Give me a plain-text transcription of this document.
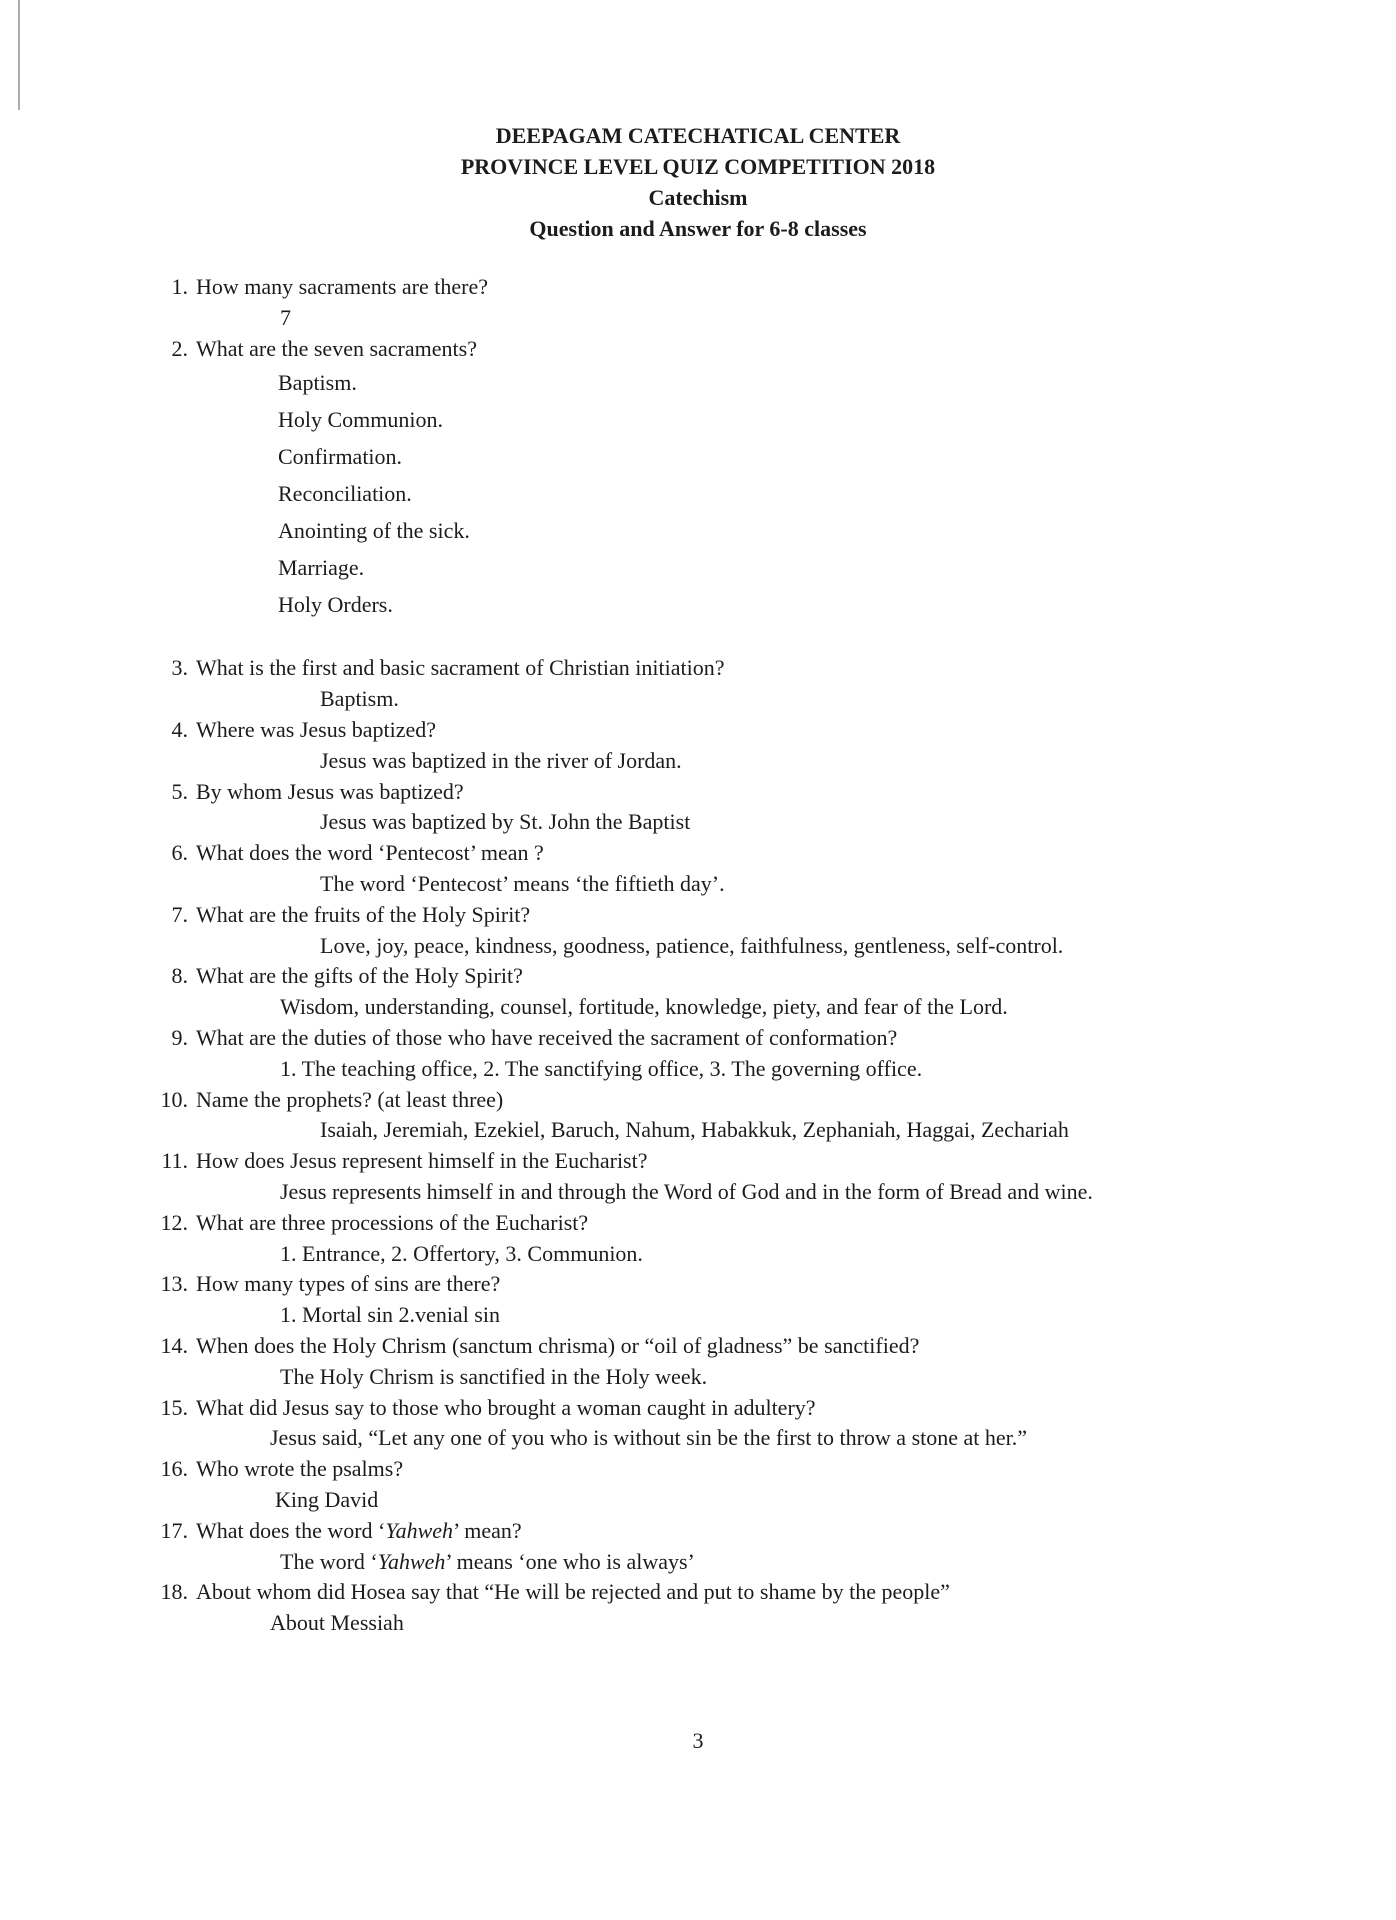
DEEPAGAM CATECHATICAL CENTER
PROVINCE LEVEL QUIZ COMPETITION 2018
Catechism
Question and Answer for 6-8 classes
1. How many sacraments are there?
7
2. What are the seven sacraments?
Baptism.
Holy Communion.
Confirmation.
Reconciliation.
Anointing of the sick.
Marriage.
Holy Orders.
3. What is the first and basic sacrament of Christian initiation?
Baptism.
4. Where was Jesus baptized?
Jesus was baptized in the river of Jordan.
5. By whom Jesus was baptized?
Jesus was baptized by St. John the Baptist
6. What does the word ‘Pentecost’ mean ?
The word ‘Pentecost’ means ‘the fiftieth day’.
7. What are the fruits of the Holy Spirit?
Love, joy, peace, kindness, goodness, patience, faithfulness, gentleness, self-control.
8. What are the gifts of the Holy Spirit?
Wisdom, understanding, counsel, fortitude, knowledge, piety, and fear of the Lord.
9. What are the duties of those who have received the sacrament of conformation?
1. The teaching office, 2. The sanctifying office, 3. The governing office.
10. Name the prophets? (at least three)
Isaiah, Jeremiah, Ezekiel, Baruch, Nahum, Habakkuk, Zephaniah, Haggai, Zechariah
11. How does Jesus represent himself in the Eucharist?
Jesus represents himself in and through the Word of God and in the form of Bread and wine.
12. What are three processions of the Eucharist?
1. Entrance, 2. Offertory, 3. Communion.
13. How many types of sins are there?
1. Mortal sin 2.venial sin
14. When does the Holy Chrism (sanctum chrisma) or “oil of gladness” be sanctified?
The Holy Chrism is sanctified in the Holy week.
15. What did Jesus say to those who brought a woman caught in adultery?
Jesus said, “Let any one of you who is without sin be the first to throw a stone at her.”
16. Who wrote the psalms?
King David
17. What does the word ‘Yahweh’ mean?
The word ‘Yahweh’ means ‘one who is always’
18. About whom did Hosea say that “He will be rejected and put to shame by the people”
About Messiah
3
